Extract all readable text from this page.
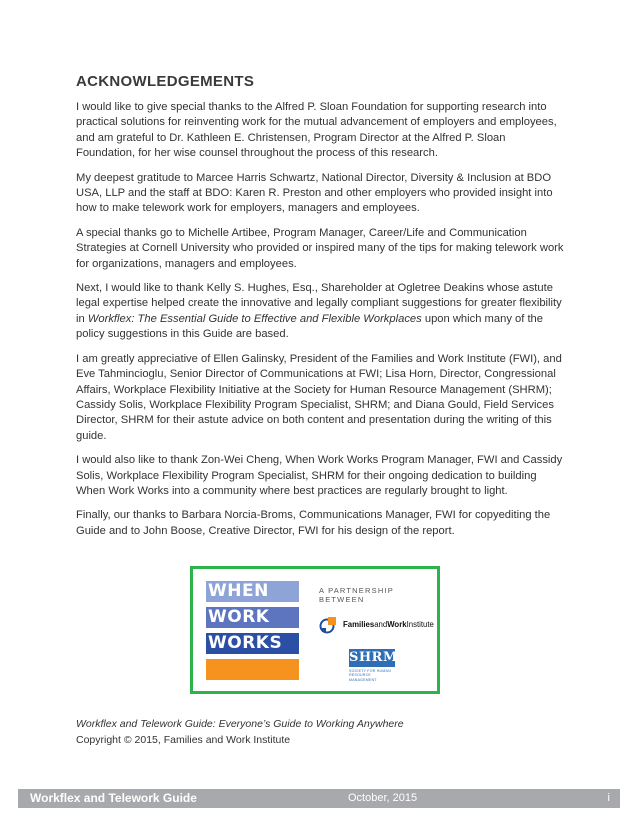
ACKNOWLEDGEMENTS

I would like to give special thanks to the Alfred P. Sloan Foundation for supporting research into practical solutions for reinventing work for the mutual advancement of employers and employees, and am grateful to Dr. Kathleen E. Christensen, Program Director at the Alfred P. Sloan Foundation, for her wise counsel throughout the process of this research.

My deepest gratitude to Marcee Harris Schwartz, National Director, Diversity & Inclusion at BDO USA, LLP and the staff at BDO: Karen R. Preston and other employers who provided insight into how to make telework work for employers, managers and employees.

A special thanks go to Michelle Artibee, Program Manager, Career/Life and Communication Strategies at Cornell University who provided or inspired many of the tips for making telework work for organizations, managers and employees.

Next, I would like to thank Kelly S. Hughes, Esq., Shareholder at Ogletree Deakins whose astute legal expertise helped create the innovative and legally compliant suggestions for greater flexibility in Workflex: The Essential Guide to Effective and Flexible Workplaces upon which many of the policy suggestions in this Guide are based.

I am greatly appreciative of Ellen Galinsky, President of the Families and Work Institute (FWI), and Eve Tahmincioglu, Senior Director of Communications at FWI; Lisa Horn, Director, Congressional Affairs, Workplace Flexibility Initiative at the Society for Human Resource Management (SHRM); Cassidy Solis, Workplace Flexibility Program Specialist, SHRM; and Diana Gould, Field Services Director, SHRM for their astute advice on both content and presentation during the writing of this guide.

I would also like to thank Zon-Wei Cheng, When Work Works Program Manager, FWI and Cassidy Solis, Workplace Flexibility Program Specialist, SHRM for their ongoing dedication to building When Work Works into a community where best practices are regularly brought to light.

Finally, our thanks to Barbara Norcia-Broms, Communications Manager, FWI for copyediting the Guide and to John Boose, Creative Director, FWI for his design of the report.

WHEN
WORK
WORKS
A PARTNERSHIP BETWEEN
FamiliesandWorkInstitute
SHRM
SOCIETY FOR HUMAN
RESOURCE MANAGEMENT
Workflex and Telework Guide: Everyone’s Guide to Working Anywhere
Copyright © 2015, Families and Work Institute
Workflex and Telework Guide	October, 2015	i
